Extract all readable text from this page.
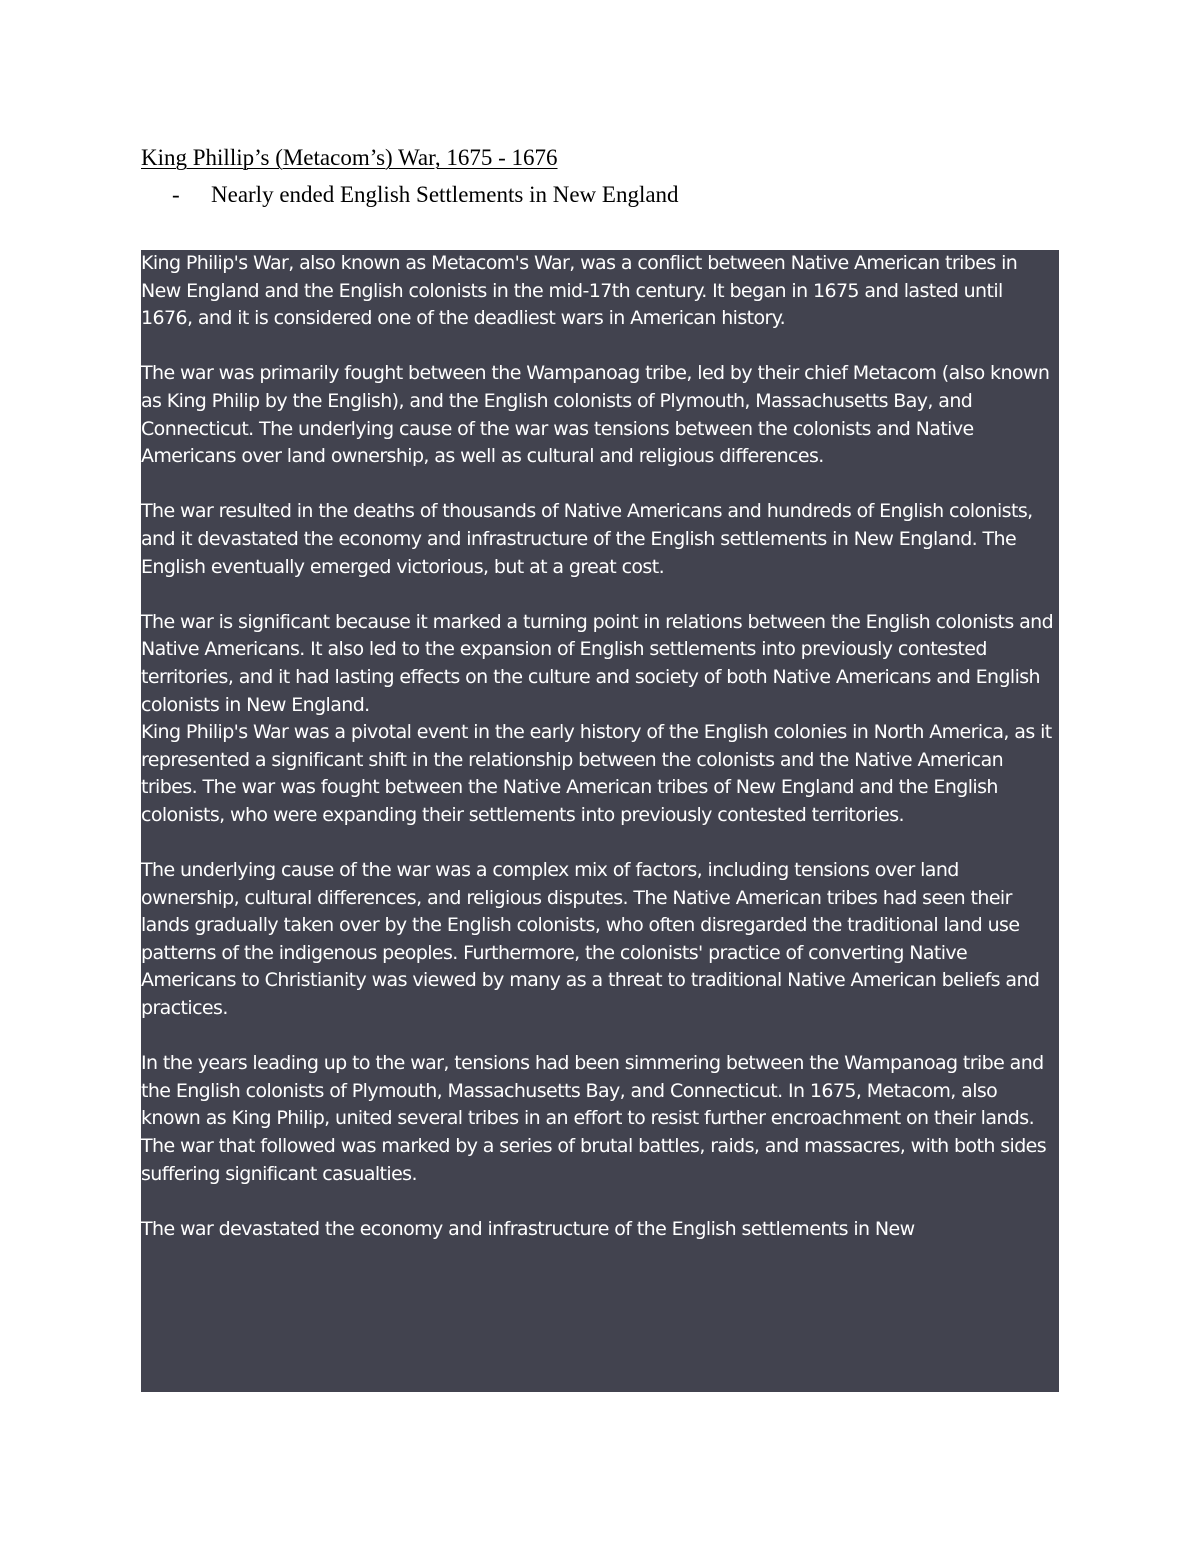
King Phillip’s (Metacom’s) War, 1675 - 1676
-	Nearly ended English Settlements in New England
King Philip's War, also known as Metacom's War, was a conflict between Native American tribes in New England and the English colonists in the mid-17th century. It began in 1675 and lasted until 1676, and it is considered one of the deadliest wars in American history.
The war was primarily fought between the Wampanoag tribe, led by their chief Metacom (also known as King Philip by the English), and the English colonists of Plymouth, Massachusetts Bay, and Connecticut. The underlying cause of the war was tensions between the colonists and Native Americans over land ownership, as well as cultural and religious differences.
The war resulted in the deaths of thousands of Native Americans and hundreds of English colonists, and it devastated the economy and infrastructure of the English settlements in New England. The English eventually emerged victorious, but at a great cost.
The war is significant because it marked a turning point in relations between the English colonists and Native Americans. It also led to the expansion of English settlements into previously contested territories, and it had lasting effects on the culture and society of both Native Americans and English colonists in New England.
King Philip's War was a pivotal event in the early history of the English colonies in North America, as it represented a significant shift in the relationship between the colonists and the Native American tribes. The war was fought between the Native American tribes of New England and the English colonists, who were expanding their settlements into previously contested territories.
The underlying cause of the war was a complex mix of factors, including tensions over land ownership, cultural differences, and religious disputes. The Native American tribes had seen their lands gradually taken over by the English colonists, who often disregarded the traditional land use patterns of the indigenous peoples. Furthermore, the colonists' practice of converting Native Americans to Christianity was viewed by many as a threat to traditional Native American beliefs and practices.
In the years leading up to the war, tensions had been simmering between the Wampanoag tribe and the English colonists of Plymouth, Massachusetts Bay, and Connecticut. In 1675, Metacom, also known as King Philip, united several tribes in an effort to resist further encroachment on their lands. The war that followed was marked by a series of brutal battles, raids, and massacres, with both sides suffering significant casualties.
The war devastated the economy and infrastructure of the English settlements in New
